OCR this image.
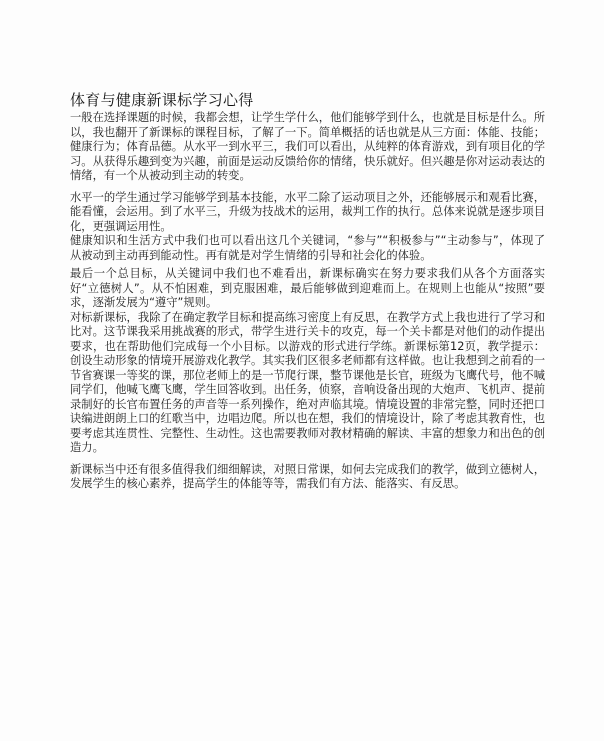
体育与健康新课标学习心得

一般在选择课题的时候，我都会想，让学生学什么，他们能够学到什么，也就是目标是什么。所以，我也翻开了新课标的课程目标，了解了一下。简单概括的话也就是从三方面：体能、技能；健康行为；体育品德。从水平一到水平三，我们可以看出，从纯粹的体育游戏，到有项目化的学习。从获得乐趣到变为兴趣，前面是运动反馈给你的情绪，快乐就好。但兴趣是你对运动表达的情绪，有一个从被动到主动的转变。

水平一的学生通过学习能够学到基本技能，水平二除了运动项目之外，还能够展示和观看比赛，能看懂，会运用。到了水平三，升级为技战术的运用，裁判工作的执行。总体来说就是逐步项目化，更强调运用性。

健康知识和生活方式中我们也可以看出这几个关键词，“参与”“积极参与”“主动参与”，体现了从被动到主动再到能动性。再有就是对学生情绪的引导和社会化的体验。

最后一个总目标，从关键词中我们也不难看出，新课标确实在努力要求我们从各个方面落实好“立德树人”。从不怕困难，到克服困难，最后能够做到迎难而上。在规则上也能从“按照”要求，逐渐发展为“遵守”规则。

对标新课标，我除了在确定教学目标和提高练习密度上有反思，在教学方式上我也进行了学习和比对。这节课我采用挑战赛的形式，带学生进行关卡的攻克，每一个关卡都是对他们的动作提出要求，也在帮助他们完成每一个小目标。以游戏的形式进行学练。新课标第12页，教学提示：创设生动形象的情境开展游戏化教学。其实我们区很多老师都有这样做。也让我想到之前看的一节省赛课一等奖的课，那位老师上的是一节爬行课，整节课他是长官，班级为飞鹰代号，他不喊同学们，他喊飞鹰飞鹰，学生回答收到。出任务，侦察，音响设备出现的大炮声、飞机声、提前录制好的长官布置任务的声音等一系列操作，绝对声临其境。情境设置的非常完整，同时还把口诀编进朗朗上口的红歌当中，边唱边爬。所以也在想，我们的情境设计，除了考虑其教育性，也要考虑其连贯性、完整性、生动性。这也需要教师对教材精确的解读、丰富的想象力和出色的创造力。

新课标当中还有很多值得我们细细解读，对照日常课，如何去完成我们的教学，做到立德树人，发展学生的核心素养，提高学生的体能等等，需我们有方法、能落实、有反思。
